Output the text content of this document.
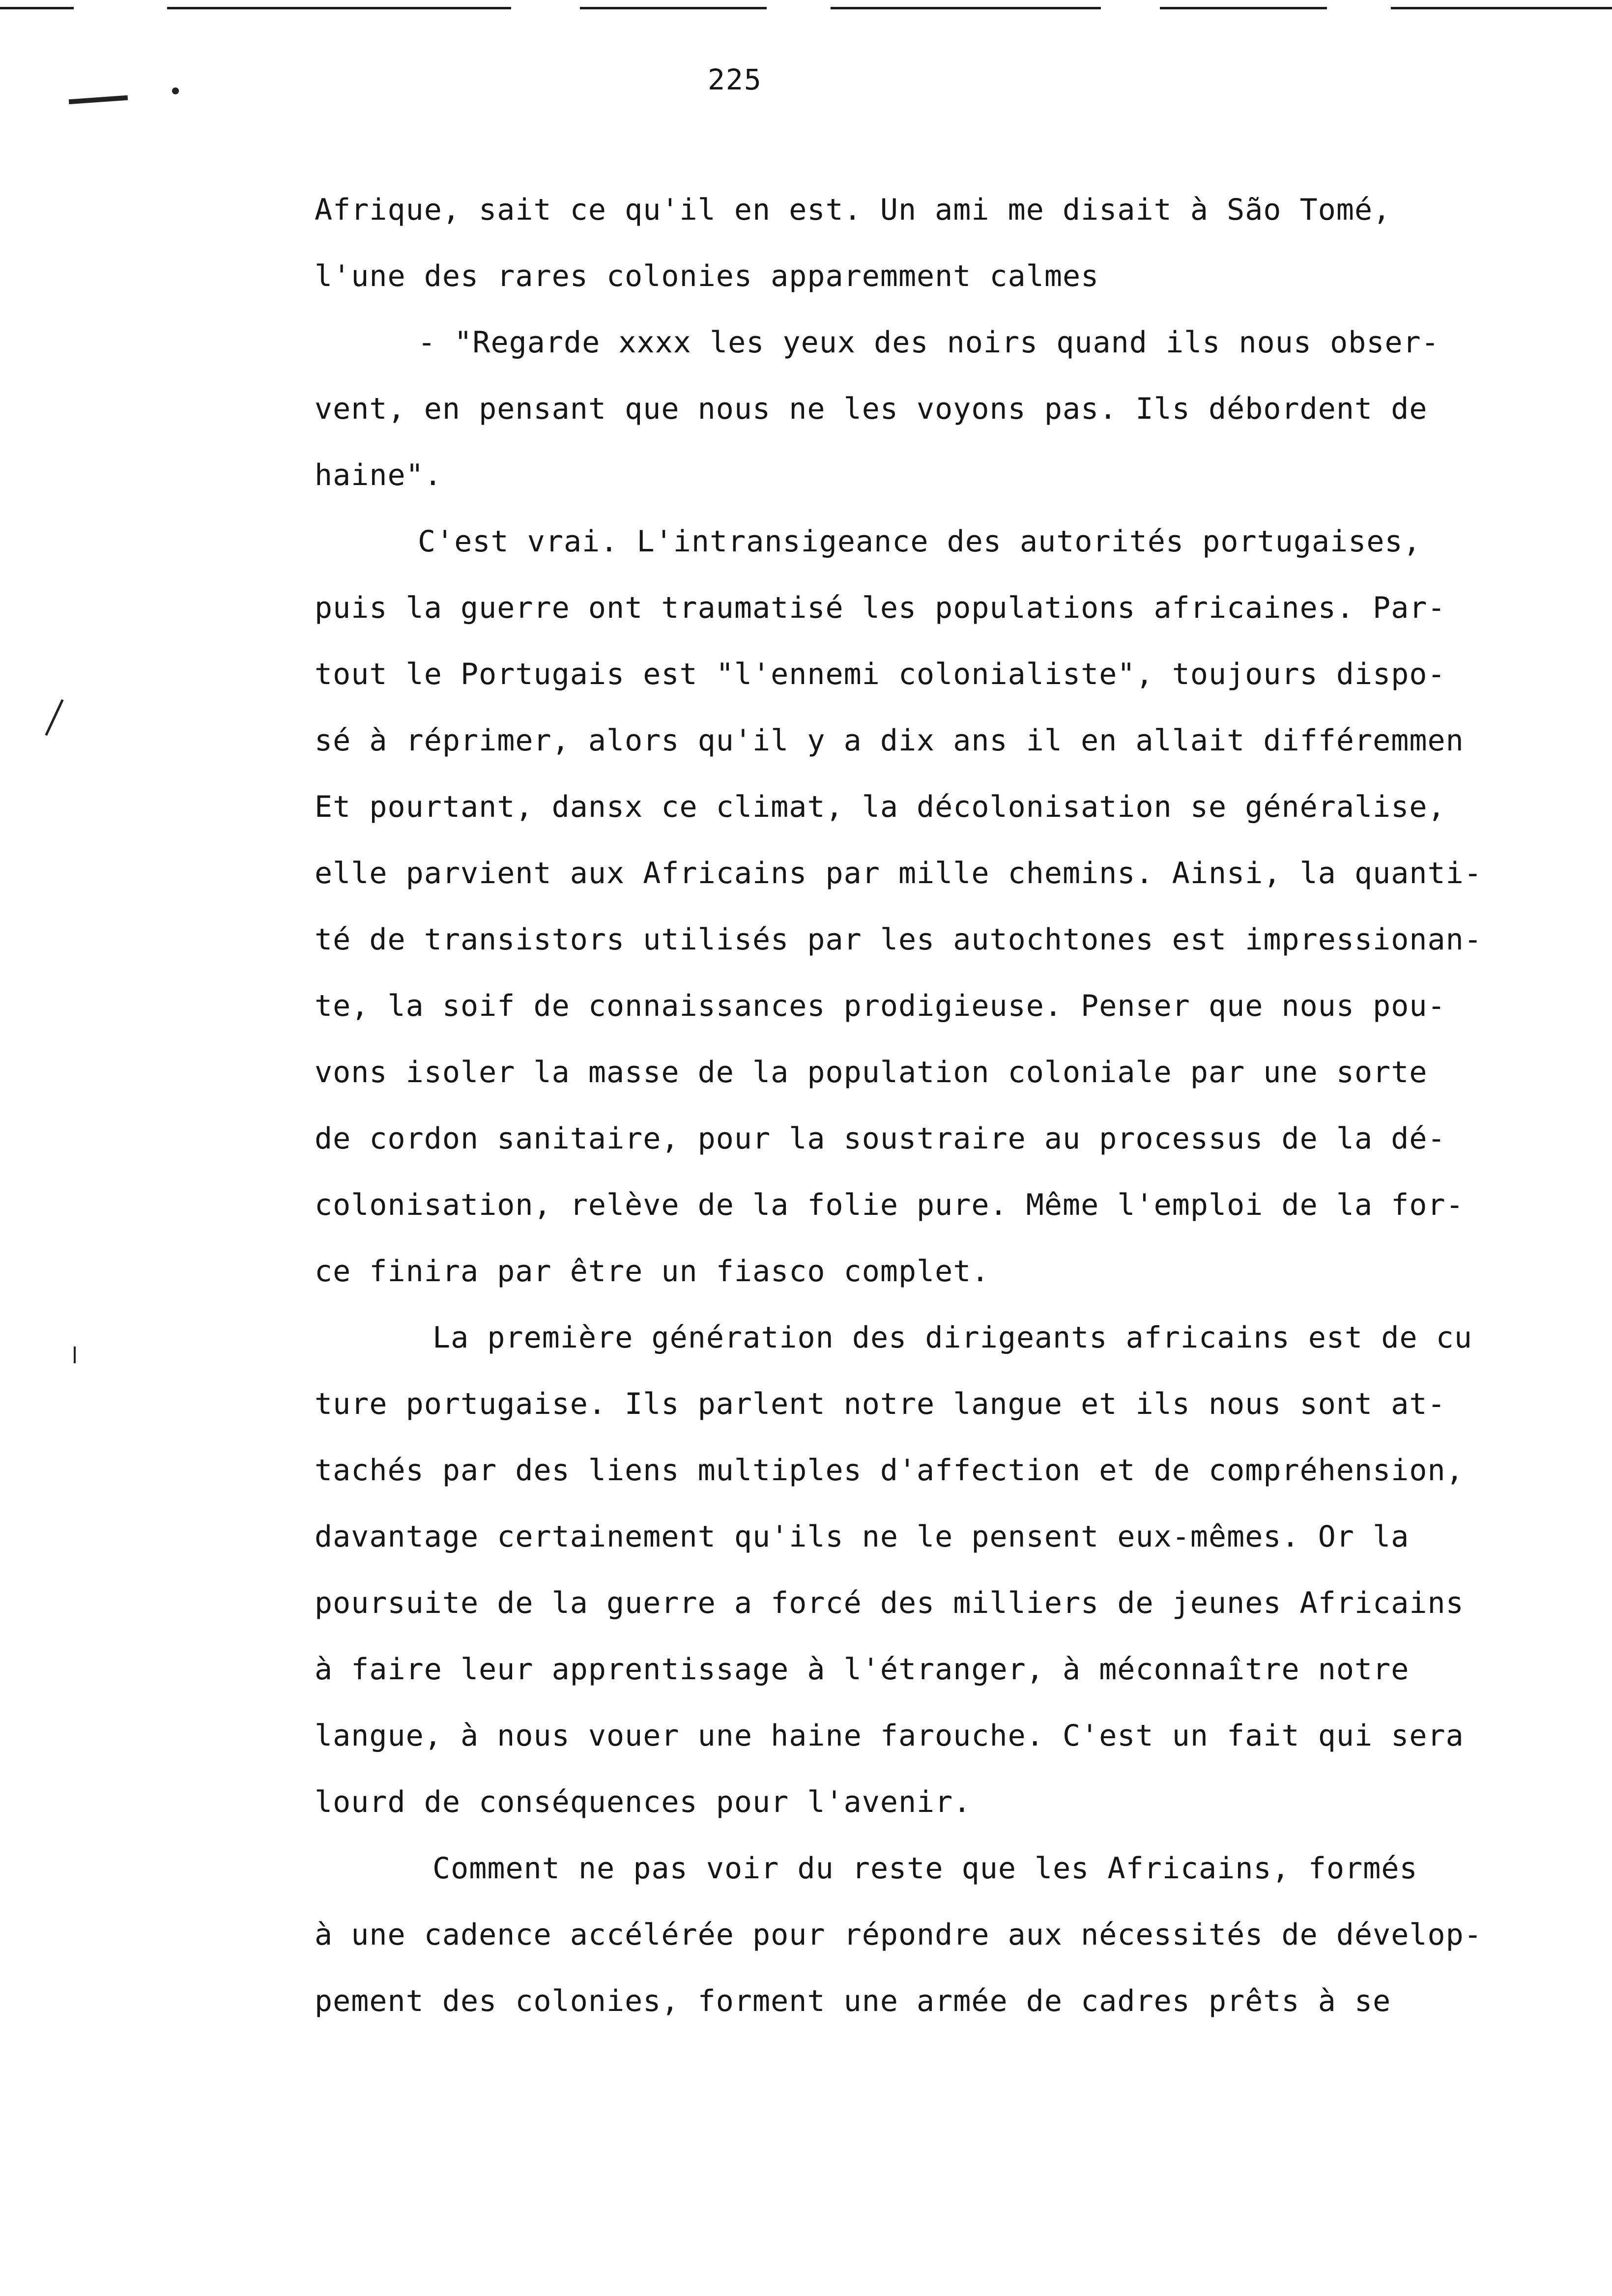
225
Afrique, sait ce qu'il en est. Un ami me disait à São Tomé,
l'une des rares colonies apparemment calmes
- "Regarde xxxx les yeux des noirs quand ils nous obser-
vent, en pensant que nous ne les voyons pas. Ils débordent de
haine".
C'est vrai. L'intransigeance des autorités portugaises,
puis la guerre ont traumatisé les populations africaines. Par-
tout le Portugais est "l'ennemi colonialiste", toujours dispo-
sé à réprimer, alors qu'il y a dix ans il en allait différemmen
Et pourtant, dansx ce climat, la décolonisation se généralise,
elle parvient aux Africains par mille chemins. Ainsi, la quanti-
té de transistors utilisés par les autochtones est impressionan-
te, la soif de connaissances prodigieuse. Penser que nous pou-
vons isoler la masse de la population coloniale par une sorte
de cordon sanitaire, pour la soustraire au processus de la dé-
colonisation, relève de la folie pure. Même l'emploi de la for-
ce finira par être un fiasco complet.
La première génération des dirigeants africains est de cu
ture portugaise. Ils parlent notre langue et ils nous sont at-
tachés par des liens multiples d'affection et de compréhension,
davantage certainement qu'ils ne le pensent eux-mêmes. Or la
poursuite de la guerre a forcé des milliers de jeunes Africains
à faire leur apprentissage à l'étranger, à méconnaître notre
langue, à nous vouer une haine farouche. C'est un fait qui sera
lourd de conséquences pour l'avenir.
Comment ne pas voir du reste que les Africains, formés
à une cadence accélérée pour répondre aux nécessités de dévelop-
pement des colonies, forment une armée de cadres prêts à se
